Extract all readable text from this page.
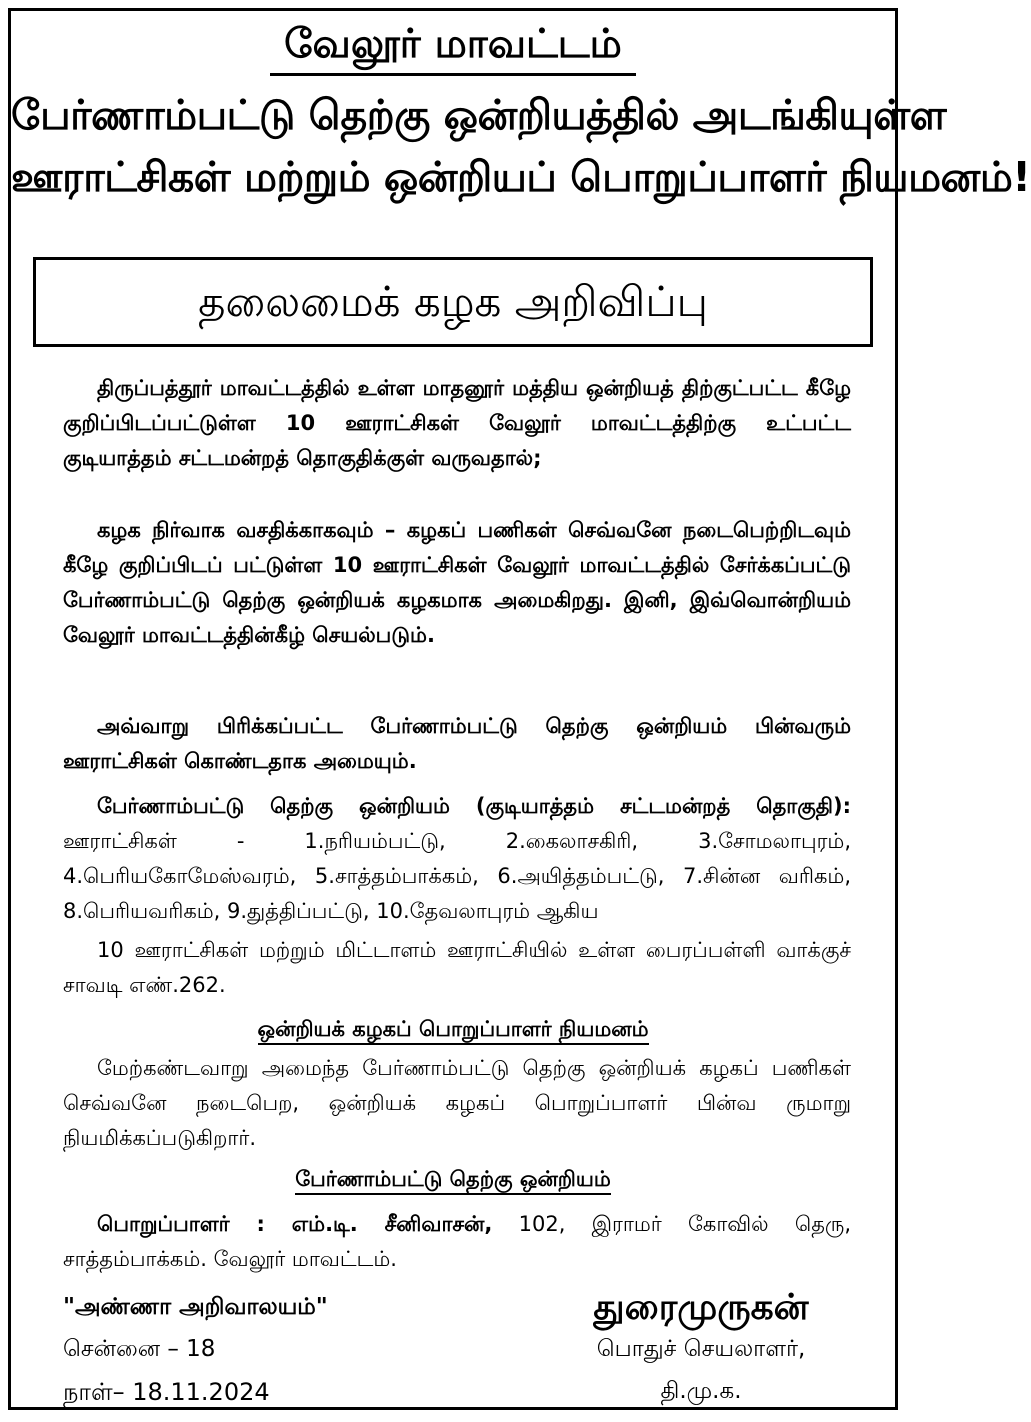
வேலூர் மாவட்டம்
பேர்ணாம்பட்டு தெற்கு ஒன்றியத்தில் அடங்கியுள்ள
ஊராட்சிகள் மற்றும் ஒன்றியப் பொறுப்பாளர் நியமனம்!
தலைமைக் கழக அறிவிப்பு
திருப்பத்தூர் மாவட்டத்தில் உள்ள மாதனூர் மத்திய ஒன்றியத் திற்குட்பட்ட கீழே குறிப்பிடப்பட்டுள்ள 10 ஊராட்சிகள் வேலூர் மாவட்டத்திற்கு உட்பட்ட குடியாத்தம் சட்டமன்றத் தொகுதிக்குள் வருவதால்;
கழக நிர்வாக வசதிக்காகவும் – கழகப் பணிகள் செவ்வனே நடைபெற்றிடவும் கீழே குறிப்பிடப் பட்டுள்ள 10 ஊராட்சிகள் வேலூர் மாவட்டத்தில் சேர்க்கப்பட்டு பேர்ணாம்பட்டு தெற்கு ஒன்றியக் கழகமாக அமைகிறது. இனி, இவ்வொன்றியம் வேலூர் மாவட்டத்தின்கீழ் செயல்படும்.
அவ்வாறு பிரிக்கப்பட்ட பேர்ணாம்பட்டு தெற்கு ஒன்றியம் பின்வரும் ஊராட்சிகள் கொண்டதாக அமையும்.
பேர்ணாம்பட்டு தெற்கு ஒன்றியம் (குடியாத்தம் சட்டமன்றத் தொகுதி): ஊராட்சிகள் - 1.நரியம்பட்டு, 2.கைலாசகிரி, 3.சோமலாபுரம், 4.பெரியகோமேஸ்வரம், 5.சாத்தம்பாக்கம், 6.அயித்தம்பட்டு, 7.சின்ன வரிகம், 8.பெரியவரிகம், 9.துத்திப்பட்டு, 10.தேவலாபுரம் ஆகிய
10 ஊராட்சிகள் மற்றும் மிட்டாளம் ஊராட்சியில் உள்ள பைரப்பள்ளி வாக்குச் சாவடி எண்.262.
ஒன்றியக் கழகப் பொறுப்பாளர் நியமனம்
மேற்கண்டவாறு அமைந்த பேர்ணாம்பட்டு தெற்கு ஒன்றியக் கழகப் பணிகள் செவ்வனே நடைபெற, ஒன்றியக் கழகப் பொறுப்பாளர் பின்வ ருமாறு நியமிக்கப்படுகிறார்.
பேர்ணாம்பட்டு தெற்கு ஒன்றியம்
பொறுப்பாளர் : எம்.டி. சீனிவாசன், 102, இராமர் கோவில் தெரு, சாத்தம்பாக்கம். வேலூர் மாவட்டம்.
"அண்ணா அறிவாலயம்"
சென்னை – 18
நாள்– 18.11.2024
துரைமுருகன்
பொதுச் செயலாளர்,
தி.மு.க.
